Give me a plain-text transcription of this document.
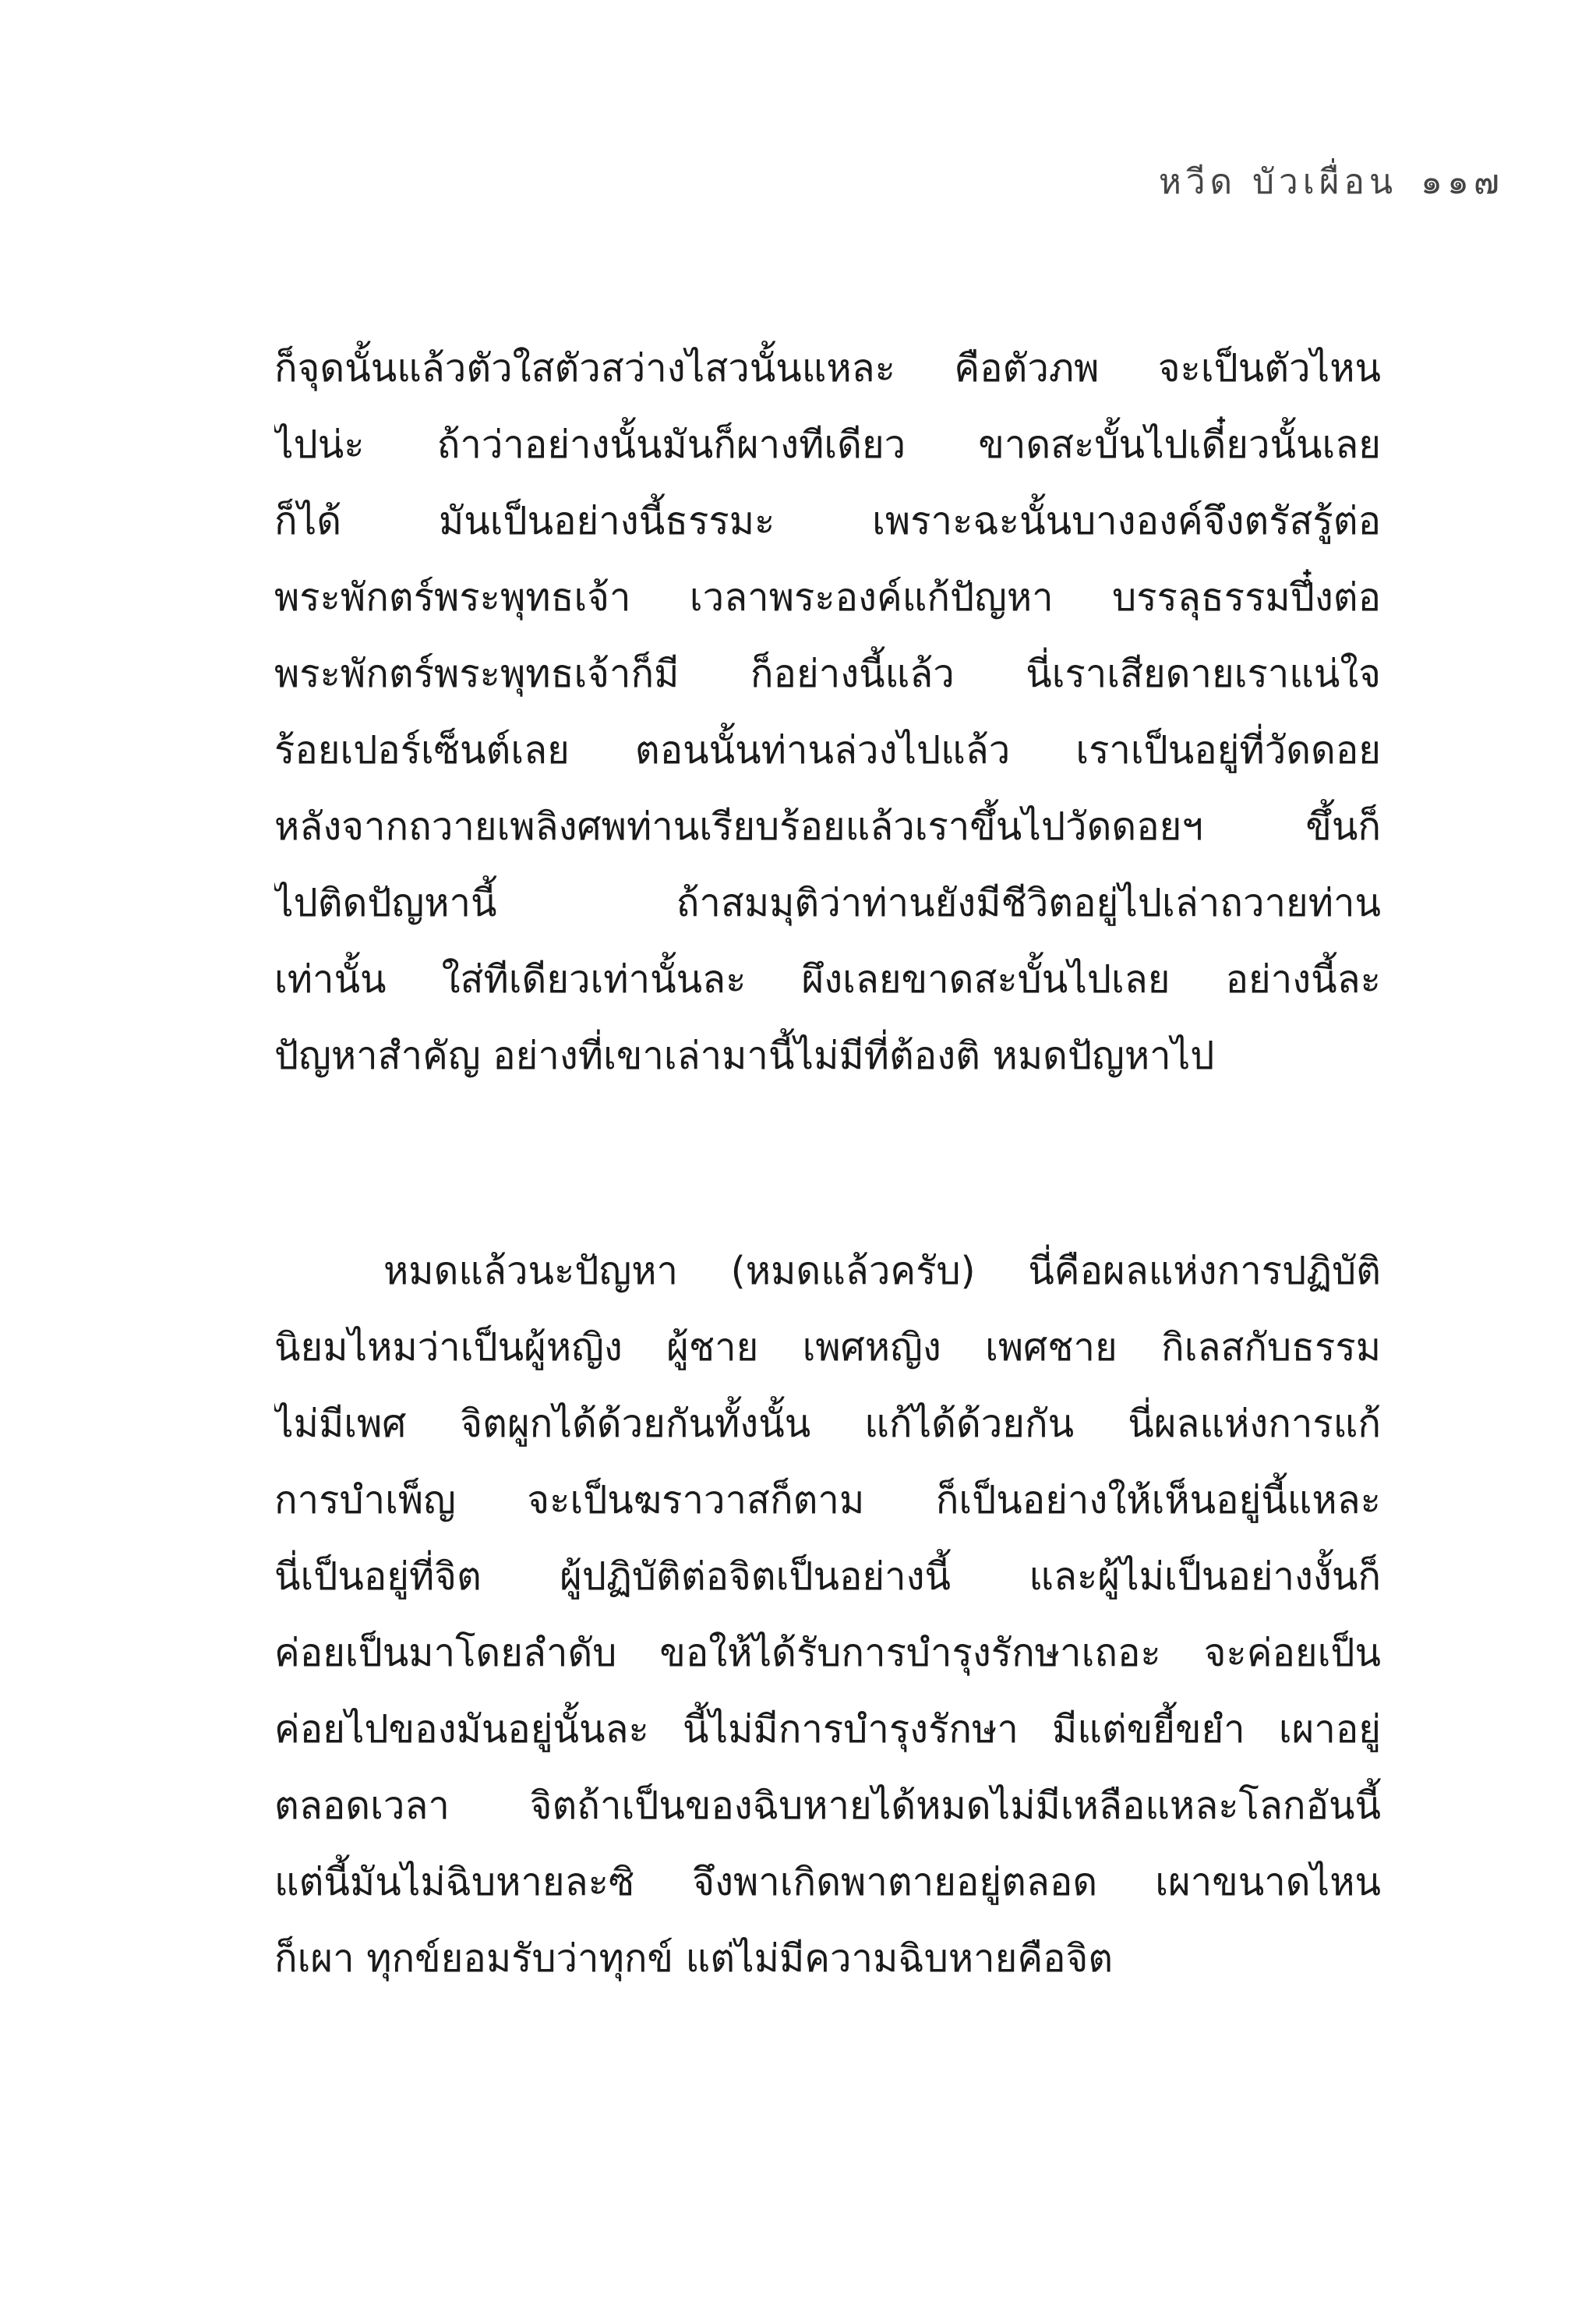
หวีด บัวเผื่อน ๑๑๗
ก็จุดนั้นแล้วตัวใสตัวสว่างไสวนั้นแหละ คือตัวภพ จะเป็นตัวไหน
ไปน่ะ ถ้าว่าอย่างนั้นมันก็ผางทีเดียว ขาดสะบั้นไปเดี๋ยวนั้นเลย
ก็ได้ มันเป็นอย่างนี้ธรรมะ เพราะฉะนั้นบางองค์จึงตรัสรู้ต่อ
พระพักตร์พระพุทธเจ้า เวลาพระองค์แก้ปัญหา บรรลุธรรมปึ๋งต่อ
พระพักตร์พระพุทธเจ้าก็มี ก็อย่างนี้แล้ว นี่เราเสียดายเราแน่ใจ
ร้อยเปอร์เซ็นต์เลย ตอนนั้นท่านล่วงไปแล้ว เราเป็นอยู่ที่วัดดอย
หลังจากถวายเพลิงศพท่านเรียบร้อยแล้วเราขึ้นไปวัดดอยฯ ขึ้นก็
ไปติดปัญหานี้ ถ้าสมมุติว่าท่านยังมีชีวิตอยู่ไปเล่าถวายท่าน
เท่านั้น ใส่ทีเดียวเท่านั้นละ ผึงเลยขาดสะบั้นไปเลย อย่างนี้ละ
ปัญหาสำคัญ อย่างที่เขาเล่ามานี้ไม่มีที่ต้องติ หมดปัญหาไป
หมดแล้วนะปัญหา (หมดแล้วครับ) นี่คือผลแห่งการปฏิบัติ
นิยมไหมว่าเป็นผู้หญิง ผู้ชาย เพศหญิง เพศชาย กิเลสกับธรรม
ไม่มีเพศ จิตผูกได้ด้วยกันทั้งนั้น แก้ได้ด้วยกัน นี่ผลแห่งการแก้
การบำเพ็ญ จะเป็นฆราวาสก็ตาม ก็เป็นอย่างให้เห็นอยู่นี้แหละ
นี่เป็นอยู่ที่จิต ผู้ปฏิบัติต่อจิตเป็นอย่างนี้ และผู้ไม่เป็นอย่างงั้นก็
ค่อยเป็นมาโดยลำดับ ขอให้ได้รับการบำรุงรักษาเถอะ จะค่อยเป็น
ค่อยไปของมันอยู่นั้นละ นี้ไม่มีการบำรุงรักษา มีแต่ขยี้ขยำ เผาอยู่
ตลอดเวลา จิตถ้าเป็นของฉิบหายได้หมดไม่มีเหลือแหละโลกอันนี้
แต่นี้มันไม่ฉิบหายละซิ จึงพาเกิดพาตายอยู่ตลอด เผาขนาดไหน
ก็เผา ทุกข์ยอมรับว่าทุกข์ แต่ไม่มีความฉิบหายคือจิต
